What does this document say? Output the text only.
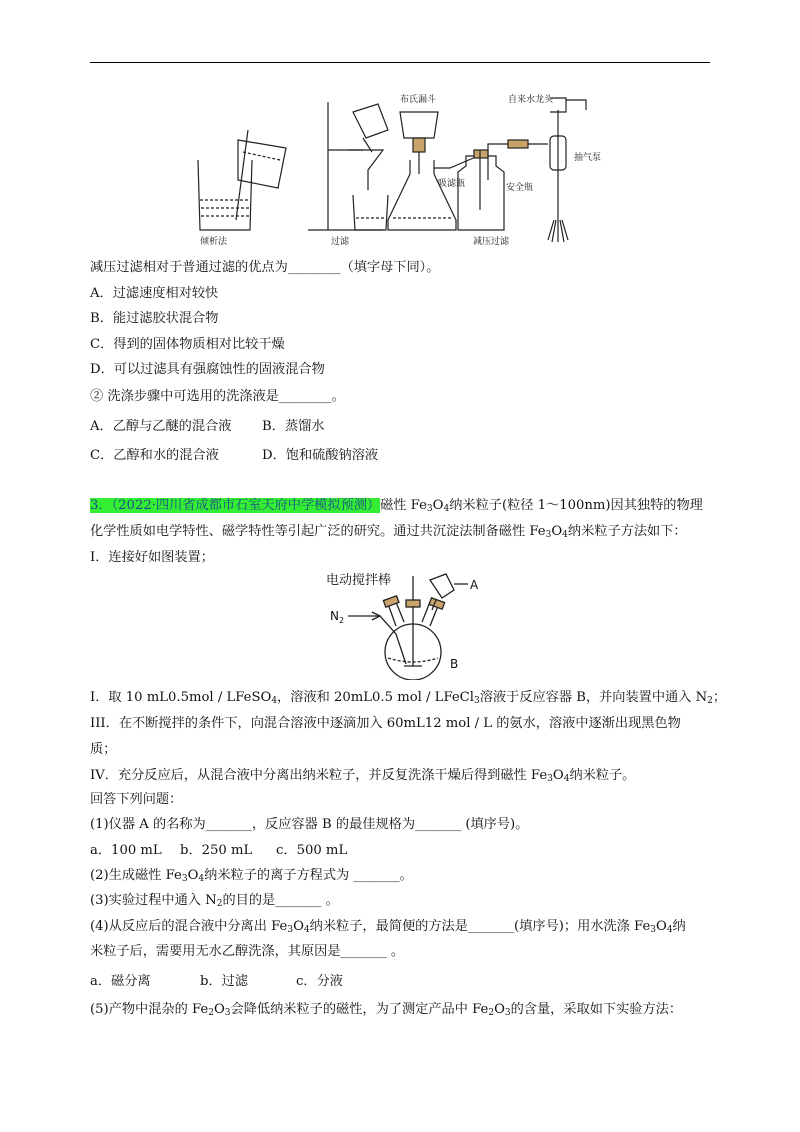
倾析法	过滤	减压过滤
布氏漏斗	自来水龙头
抽气泵
吸滤瓶	安全瓶
减压过滤相对于普通过滤的优点为________（填字母下同）。
A．过滤速度相对较快
B．能过滤胶状混合物
C．得到的固体物质相对比较干燥
D．可以过滤具有强腐蚀性的固液混合物
② 洗涤步骤中可选用的洗涤液是________。
A．乙醇与乙醚的混合液 B．蒸馏水
C．乙醇和水的混合液	D．饱和硫酸钠溶液
3．（2022·四川省成都市石室天府中学模拟预测）磁性 $Fe_3O_4$纳米粒子(粒径 1～100nm)因其独特的物理
化学性质如电学特性、磁学特性等引起广泛的研究。通过共沉淀法制备磁性 $Fe_3O_4$纳米粒子方法如下：
I．连接好如图装置；
电动搅拌棒	A
B
$N_2$
I．取 10 mL0.5mol / LFeSO$_4$，溶液和 20mL0.5 mol / LFeCl$_3$溶液于反应容器 B，并向装置中通入 $N_2$；
III．在不断搅拌的条件下，向混合溶液中逐滴加入 60mL12 mol / L 的氨水，溶液中逐渐出现黑色物
质；
IV．充分反应后，从混合液中分离出纳米粒子，并反复洗涤干燥后得到磁性 $Fe_3O_4$纳米粒子。
回答下列问题：
(1)仪器 A 的名称为_______，反应容器 B 的最佳规格为_______ (填序号)。
a．100 mL b．250 mL c．500 mL
(2)生成磁性 $Fe_3O_4$纳米粒子的离子方程式为 _______。
(3)实验过程中通入 $N_2$的目的是_______ 。
(4)从反应后的混合液中分离出 $Fe_3O_4$纳米粒子，最简便的方法是_______(填序号)；用水洗涤 $Fe_3O_4$纳
米粒子后，需要用无水乙醇洗涤，其原因是_______ 。
a．磁分离	b．过滤	c．分液
(5)产物中混杂的 $Fe_2O_3$会降低纳米粒子的磁性，为了测定产品中 $Fe_2O_3$的含量，采取如下实验方法：
